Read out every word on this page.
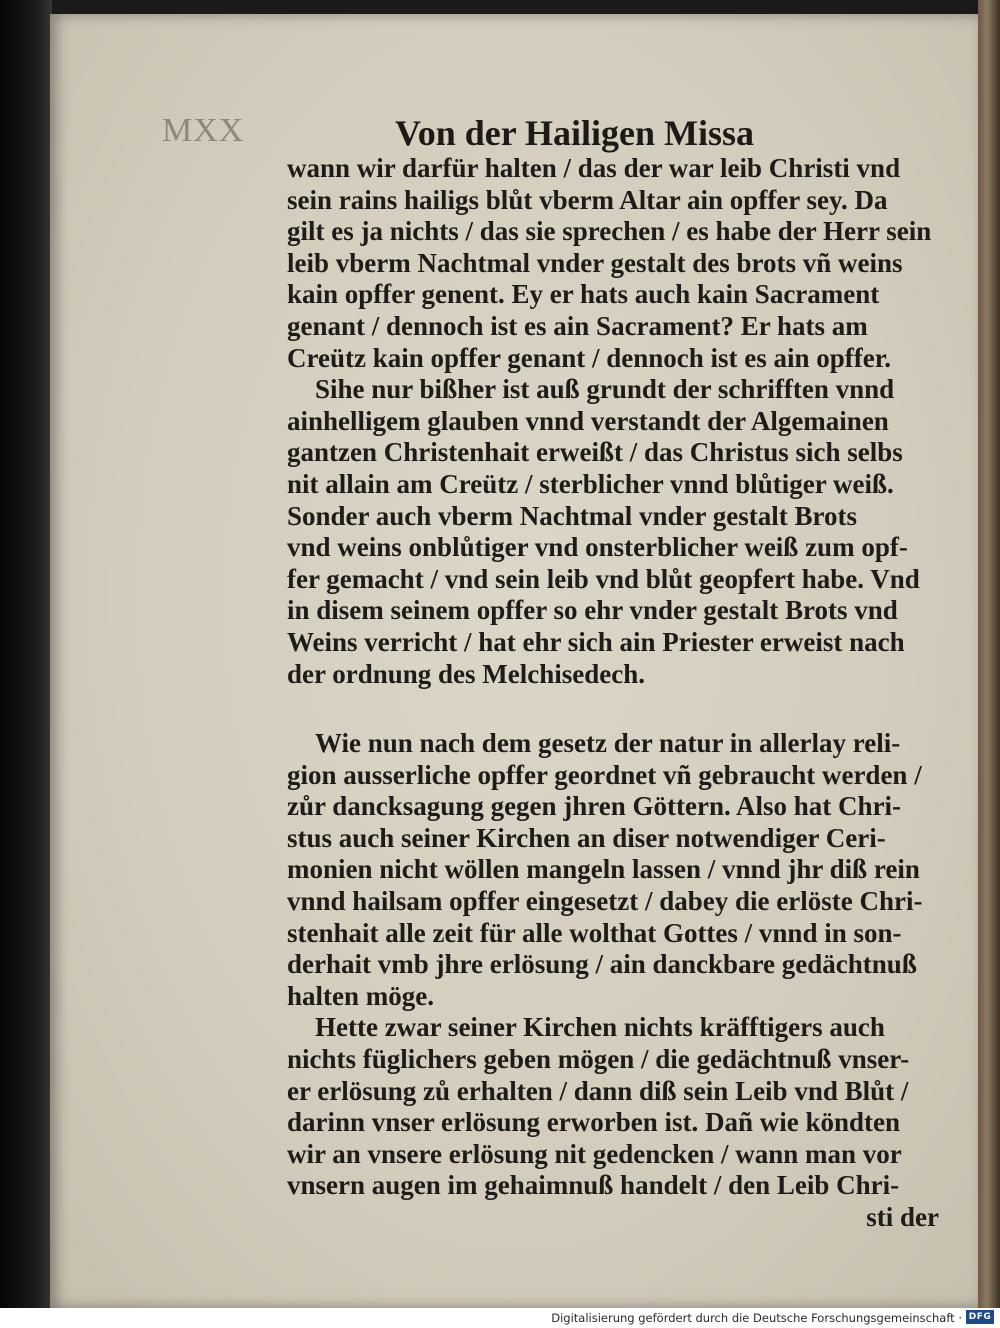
MXX	Von der Hailigen Missa
wann wir darfür halten / das der war leib Christi vnd
sein rains hailigs blůt vberm Altar ain opffer sey. Da
gilt es ja nichts / das sie sprechen / es habe der Herr sein
leib vberm Nachtmal vnder gestalt des brots vñ weins
kain opffer genent. Ey er hats auch kain Sacrament
genant / dennoch ist es ain Sacrament? Er hats am
Creütz kain opffer genant / dennoch ist es ain opffer.
Sihe nur bißher ist auß grundt der schrifften vnnd
ainhelligem glauben vnnd verstandt der Algemainen
gantzen Christenhait erweißt / das Christus sich selbs
nit allain am Creütz / sterblicher vnnd blůtiger weiß.
Sonder auch vberm Nachtmal vnder gestalt Brots
vnd weins onblůtiger vnd onsterblicher weiß zum opf-
fer gemacht / vnd sein leib vnd blůt geopfert habe. Vnd
in disem seinem opffer so ehr vnder gestalt Brots vnd
Weins verricht / hat ehr sich ain Priester erweist nach
der ordnung des Melchisedech.
Wie nun nach dem gesetz der natur in allerlay reli-
gion ausserliche opffer geordnet vñ gebraucht werden /
zůr dancksagung gegen jhren Göttern. Also hat Chri-
stus auch seiner Kirchen an diser notwendiger Ceri-
monien nicht wöllen mangeln lassen / vnnd jhr diß rein
vnnd hailsam opffer eingesetzt / dabey die erlöste Chri-
stenhait alle zeit für alle wolthat Gottes / vnnd in son-
derhait vmb jhre erlösung / ain danckbare gedächtnuß
halten möge.
Hette zwar seiner Kirchen nichts kräfftigers auch
nichts füglichers geben mögen / die gedächtnuß vnser-
er erlösung zů erhalten / dann diß sein Leib vnd Blůt /
darinn vnser erlösung erworben ist. Dañ wie köndten
wir an vnsere erlösung nit gedencken / wann man vor
vnsern augen im gehaimnuß handelt / den Leib Chri-
sti der
Digitalisierung gefördert durch die Deutsche Forschungsgemeinschaft · DFG
